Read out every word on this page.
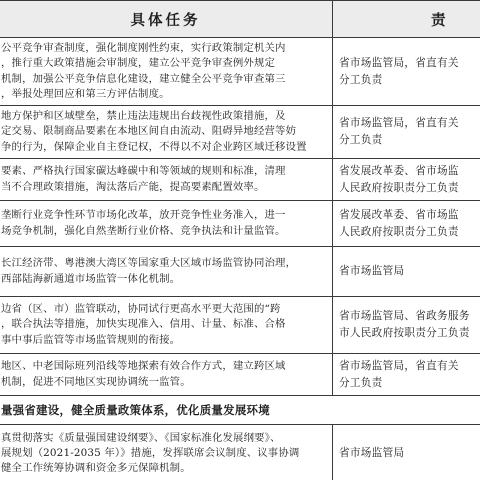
具体任务	责

公平竞争审查制度，强化制度刚性约束，实行政策制定机关内
，推行重大政策措施会审制度，建立公平竞争审查例外规定
机制，加强公平竞争信息化建设，建立健全公平竞争审查第三
，举报处理回应和第三方评估制度。	省市场监管局，省直有关
分工负责

地方保护和区域壁垒，禁止违法违规出台歧视性政策措施，及
定交易、限制商品要素在本地区间自由流动、阻碍异地经营等妨
争的行为，保障企业自主登记权，不得以不对企业跨区域迁移设置	省市场监管局，省直有关
分工负责

要素、严格执行国家碳达峰碳中和等领域的规则和标准，清理
当不合理政策措施，淘汰落后产能，提高要素配置效率。	省发展改革委、省市场监
人民政府按职责分工负责

垄断行业竞争性环节市场化改革，放开竞争性业务准入，进一
场竞争机制，强化自然垄断行业价格、竞争执法和计量监管。	省发展改革委、省市场监
人民政府按职责分工负责

长江经济带、粤港澳大湾区等国家重大区域市场监管协同治理，
西部陆海新通道市场监管一体化机制。	省市场监管局

边省（区、市）监管联动，协同试行更高水平更大范围的“跨
，联合执法等措施，加快实现准入、信用、计量、标准、合格
事中事后监管等市场监管规则的衔接。	省市场监管局、省政务服务
市人民政府按职责分工负责

地区、中老国际班列沿线等地探索有效合作方式，建立跨区域
机制，促进不同地区实现协调统一监管。	省市场监管局，省直有关
分工负责

量强省建设，健全质量政策体系，优化质量发展环境	

真贯彻落实《质量强国建设纲要》、《国家标准化发展纲要》、
展规划（2021-2035 年）》措施，发挥联席会议制度、议事协调
健全工作统筹协调和资金多元保障机制。	省市场监管局
